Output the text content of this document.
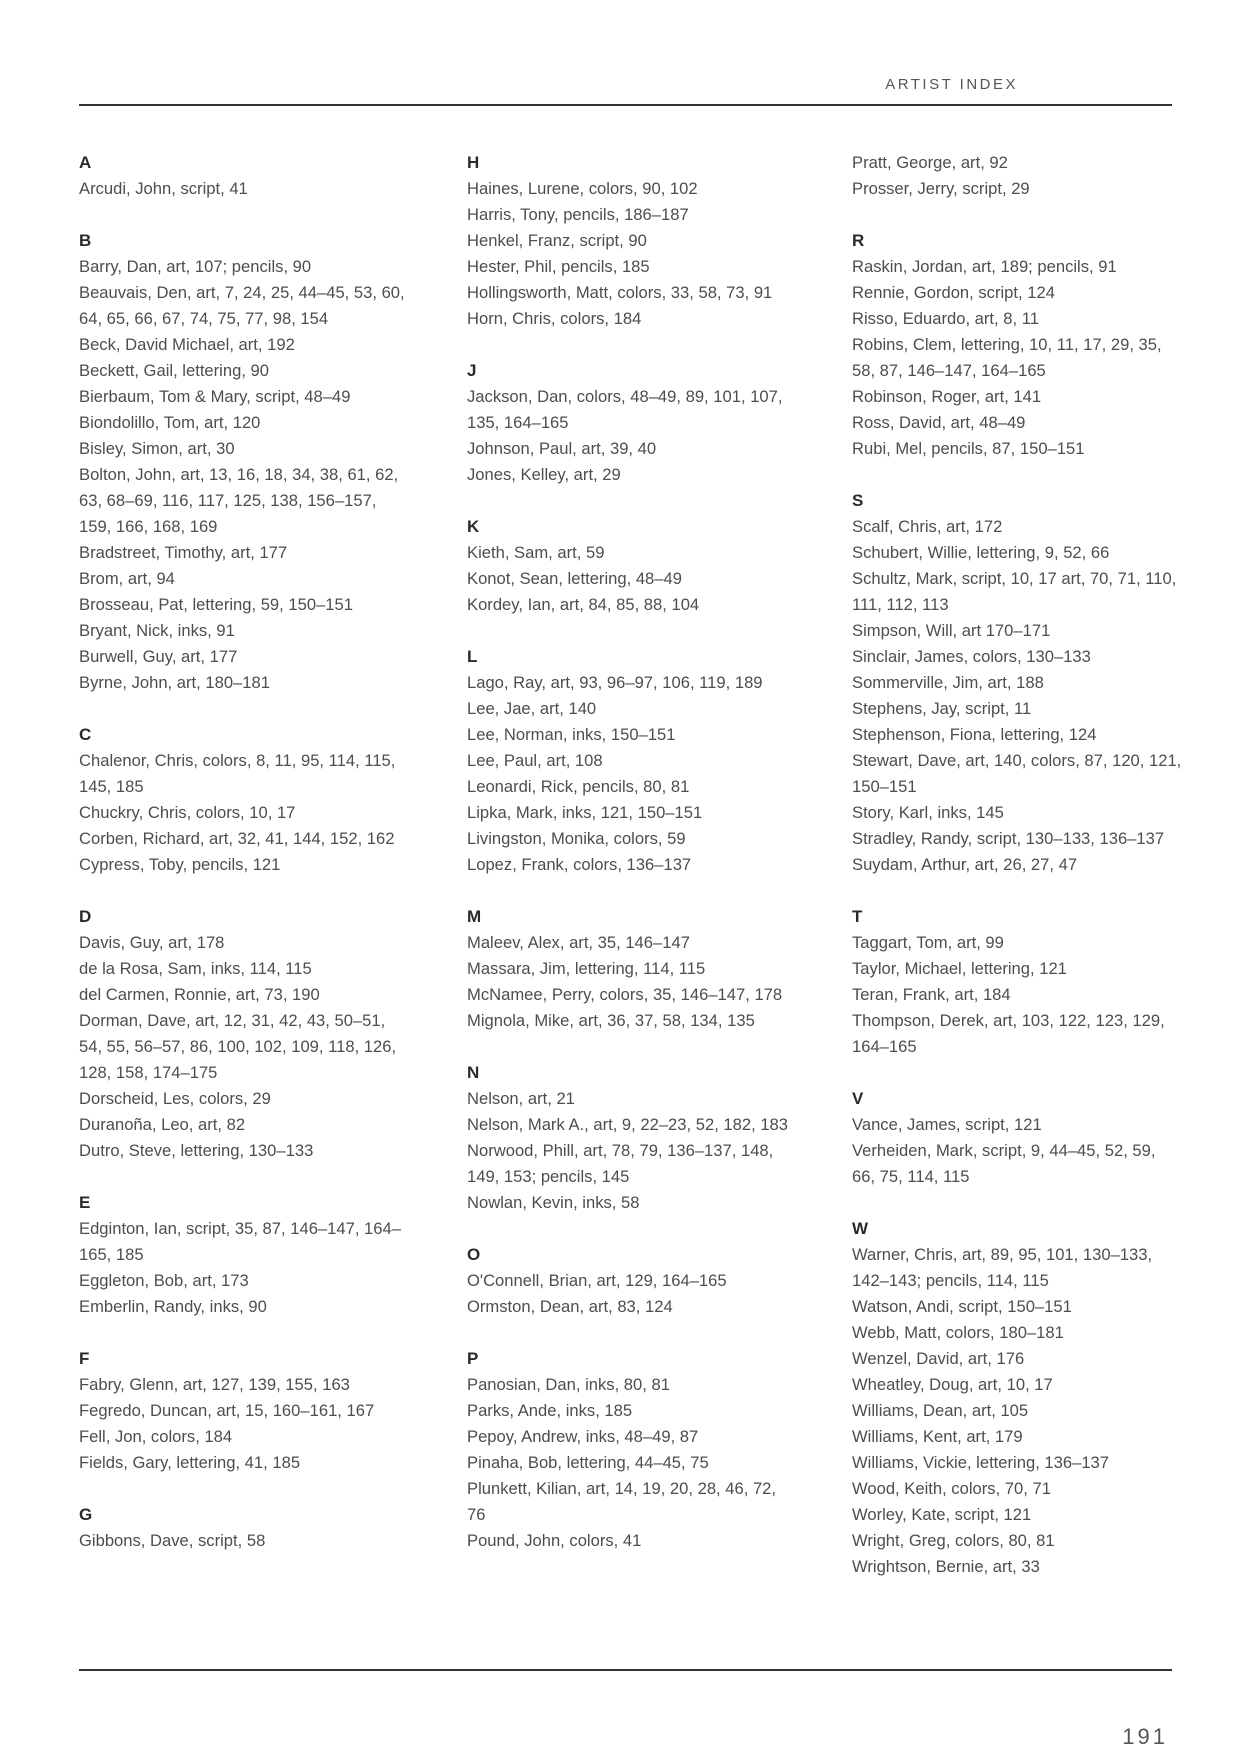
ARTIST INDEX
A
Arcudi, John, script, 41
B
Barry, Dan, art, 107; pencils, 90
Beauvais, Den, art, 7, 24, 25, 44–45, 53, 60, 64, 65, 66, 67, 74, 75, 77, 98, 154
Beck, David Michael, art, 192
Beckett, Gail, lettering, 90
Bierbaum, Tom & Mary, script, 48–49
Biondolillo, Tom, art, 120
Bisley, Simon, art, 30
Bolton, John, art, 13, 16, 18, 34, 38, 61, 62, 63, 68–69, 116, 117, 125, 138, 156–157, 159, 166, 168, 169
Bradstreet, Timothy, art, 177
Brom, art, 94
Brosseau, Pat, lettering, 59, 150–151
Bryant, Nick, inks, 91
Burwell, Guy, art, 177
Byrne, John, art, 180–181
C
Chalenor, Chris, colors, 8, 11, 95, 114, 115, 145, 185
Chuckry, Chris, colors, 10, 17
Corben, Richard, art, 32, 41, 144, 152, 162
Cypress, Toby, pencils, 121
D
Davis, Guy, art, 178
de la Rosa, Sam, inks, 114, 115
del Carmen, Ronnie, art, 73, 190
Dorman, Dave, art, 12, 31, 42, 43, 50–51, 54, 55, 56–57, 86, 100, 102, 109, 118, 126, 128, 158, 174–175
Dorscheid, Les, colors, 29
Duranoña, Leo, art, 82
Dutro, Steve, lettering, 130–133
E
Edginton, Ian, script, 35, 87, 146–147, 164–165, 185
Eggleton, Bob, art, 173
Emberlin, Randy, inks, 90
F
Fabry, Glenn, art, 127, 139, 155, 163
Fegredo, Duncan, art, 15, 160–161, 167
Fell, Jon, colors, 184
Fields, Gary, lettering, 41, 185
G
Gibbons, Dave, script, 58
H
Haines, Lurene, colors, 90, 102
Harris, Tony, pencils, 186–187
Henkel, Franz, script, 90
Hester, Phil, pencils, 185
Hollingsworth, Matt, colors, 33, 58, 73, 91
Horn, Chris, colors, 184
J
Jackson, Dan, colors, 48–49, 89, 101, 107, 135, 164–165
Johnson, Paul, art, 39, 40
Jones, Kelley, art, 29
K
Kieth, Sam, art, 59
Konot, Sean, lettering, 48–49
Kordey, Ian, art, 84, 85, 88, 104
L
Lago, Ray, art, 93, 96–97, 106, 119, 189
Lee, Jae, art, 140
Lee, Norman, inks, 150–151
Lee, Paul, art, 108
Leonardi, Rick, pencils, 80, 81
Lipka, Mark, inks, 121, 150–151
Livingston, Monika, colors, 59
Lopez, Frank, colors, 136–137
M
Maleev, Alex, art, 35, 146–147
Massara, Jim, lettering, 114, 115
McNamee, Perry, colors, 35, 146–147, 178
Mignola, Mike, art, 36, 37, 58, 134, 135
N
Nelson, art, 21
Nelson, Mark A., art, 9, 22–23, 52, 182, 183
Norwood, Phill, art, 78, 79, 136–137, 148, 149, 153; pencils, 145
Nowlan, Kevin, inks, 58
O
O'Connell, Brian, art, 129, 164–165
Ormston, Dean, art, 83, 124
P
Panosian, Dan, inks, 80, 81
Parks, Ande, inks, 185
Pepoy, Andrew, inks, 48–49, 87
Pinaha, Bob, lettering, 44–45, 75
Plunkett, Kilian, art, 14, 19, 20, 28, 46, 72, 76
Pound, John, colors, 41
Pratt, George, art, 92
Prosser, Jerry, script, 29
R
Raskin, Jordan, art, 189; pencils, 91
Rennie, Gordon, script, 124
Risso, Eduardo, art, 8, 11
Robins, Clem, lettering, 10, 11, 17, 29, 35, 58, 87, 146–147, 164–165
Robinson, Roger, art, 141
Ross, David, art, 48–49
Rubi, Mel, pencils, 87, 150–151
S
Scalf, Chris, art, 172
Schubert, Willie, lettering, 9, 52, 66
Schultz, Mark, script, 10, 17 art, 70, 71, 110, 111, 112, 113
Simpson, Will, art 170–171
Sinclair, James, colors, 130–133
Sommerville, Jim, art, 188
Stephens, Jay, script, 11
Stephenson, Fiona, lettering, 124
Stewart, Dave, art, 140, colors, 87, 120, 121, 150–151
Story, Karl, inks, 145
Stradley, Randy, script, 130–133, 136–137
Suydam, Arthur, art, 26, 27, 47
T
Taggart, Tom, art, 99
Taylor, Michael, lettering, 121
Teran, Frank, art, 184
Thompson, Derek, art, 103, 122, 123, 129, 164–165
V
Vance, James, script, 121
Verheiden, Mark, script, 9, 44–45, 52, 59, 66, 75, 114, 115
W
Warner, Chris, art, 89, 95, 101, 130–133, 142–143; pencils, 114, 115
Watson, Andi, script, 150–151
Webb, Matt, colors, 180–181
Wenzel, David, art, 176
Wheatley, Doug, art, 10, 17
Williams, Dean, art, 105
Williams, Kent, art, 179
Williams, Vickie, lettering, 136–137
Wood, Keith, colors, 70, 71
Worley, Kate, script, 121
Wright, Greg, colors, 80, 81
Wrightson, Bernie, art, 33
191
